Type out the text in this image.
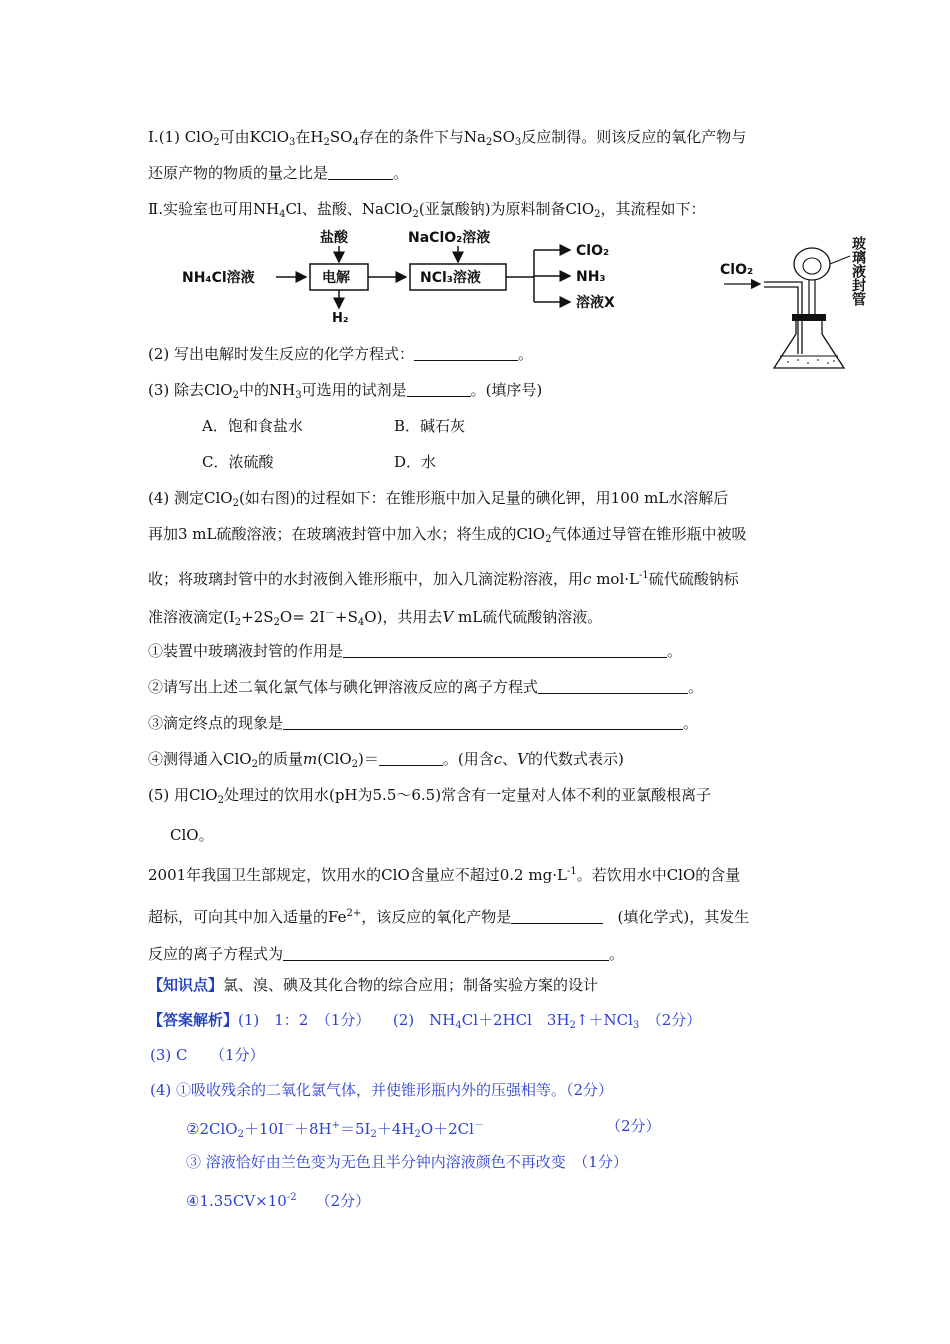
Ⅰ.(1) ClO$_2$可由KClO$_3$在$H_2SO_4$存在的条件下与$Na_2SO_3$反应制得。则该反应的氧化产物与
还原产物的物质的量之比是	。
Ⅱ.实验室也可用$NH_4Cl$、盐酸、NaClO$_2$(亚氯酸钠)为原料制备ClO$_2$，其流程如下：
NH₄Cl溶液	电解
盐酸
H₂
NCl₃溶液
NaClO₂溶液
ClO₂
NH₃
溶液X
ClO₂	玻璃液封管
(2) 写出电解时发生反应的化学方程式：	。
(3) 除去ClO$_2$中的$NH_3$可选用的试剂是	。(填序号)
A．饱和食盐水	B．碱石灰
C．浓硫酸	D．水
(4) 测定ClO$_2$(如右图)的过程如下：在锥形瓶中加入足量的碘化钾，用100 mL水溶解后
再加3 mL硫酸溶液；在玻璃液封管中加入水；将生成的ClO$_2$气体通过导管在锥形瓶中被吸
收；将玻璃封管中的水封液倒入锥形瓶中，加入几滴淀粉溶液，用c $mol\cdot L^{-1}$硫代硫酸钠标
准溶液滴定$(I_2+2S_2O= 2I^-+S_4O)$，共用去V mL硫代硫酸钠溶液。
①装置中玻璃液封管的作用是	。
②请写出上述二氧化氯气体与碘化钾溶液反应的离子方程式	。
③滴定终点的现象是	。
④测得通入ClO$_2$的质量m(ClO$_2$)＝	。(用含c、V的代数式表示)
(5) 用ClO$_2$处理过的饮用水(pH为5.5～6.5)常含有一定量对人体不利的亚氯酸根离子
ClO。
2001年我国卫生部规定，饮用水的ClO含量应不超过0.2 $mg\cdot L^{-1}$。若饮用水中ClO的含量
超标，可向其中加入适量的$Fe^{2+}$，该反应的氧化产物是	(填化学式)，其发生
反应的离子方程式为	。
【知识点】氯、溴、碘及其化合物的综合应用；制备实验方案的设计
【答案解析】(1)　1：2　（1分）　　(2)　$NH_4Cl+2HCl$　$3H_2↑+NCl_3$　（2分）
(3) C　　（1分）
(4) ①吸收残余的二氧化氯气体，并使锥形瓶内外的压强相等。（2分）
$②2ClO_2+10I^-+8H^+=5I_2+4H_2O+2Cl^-$	（2分）
③ 溶液恰好由兰色变为无色且半分钟内溶液颜色不再改变　（1分）
$④1.35CV\times 10^{-2}$ （2分）
